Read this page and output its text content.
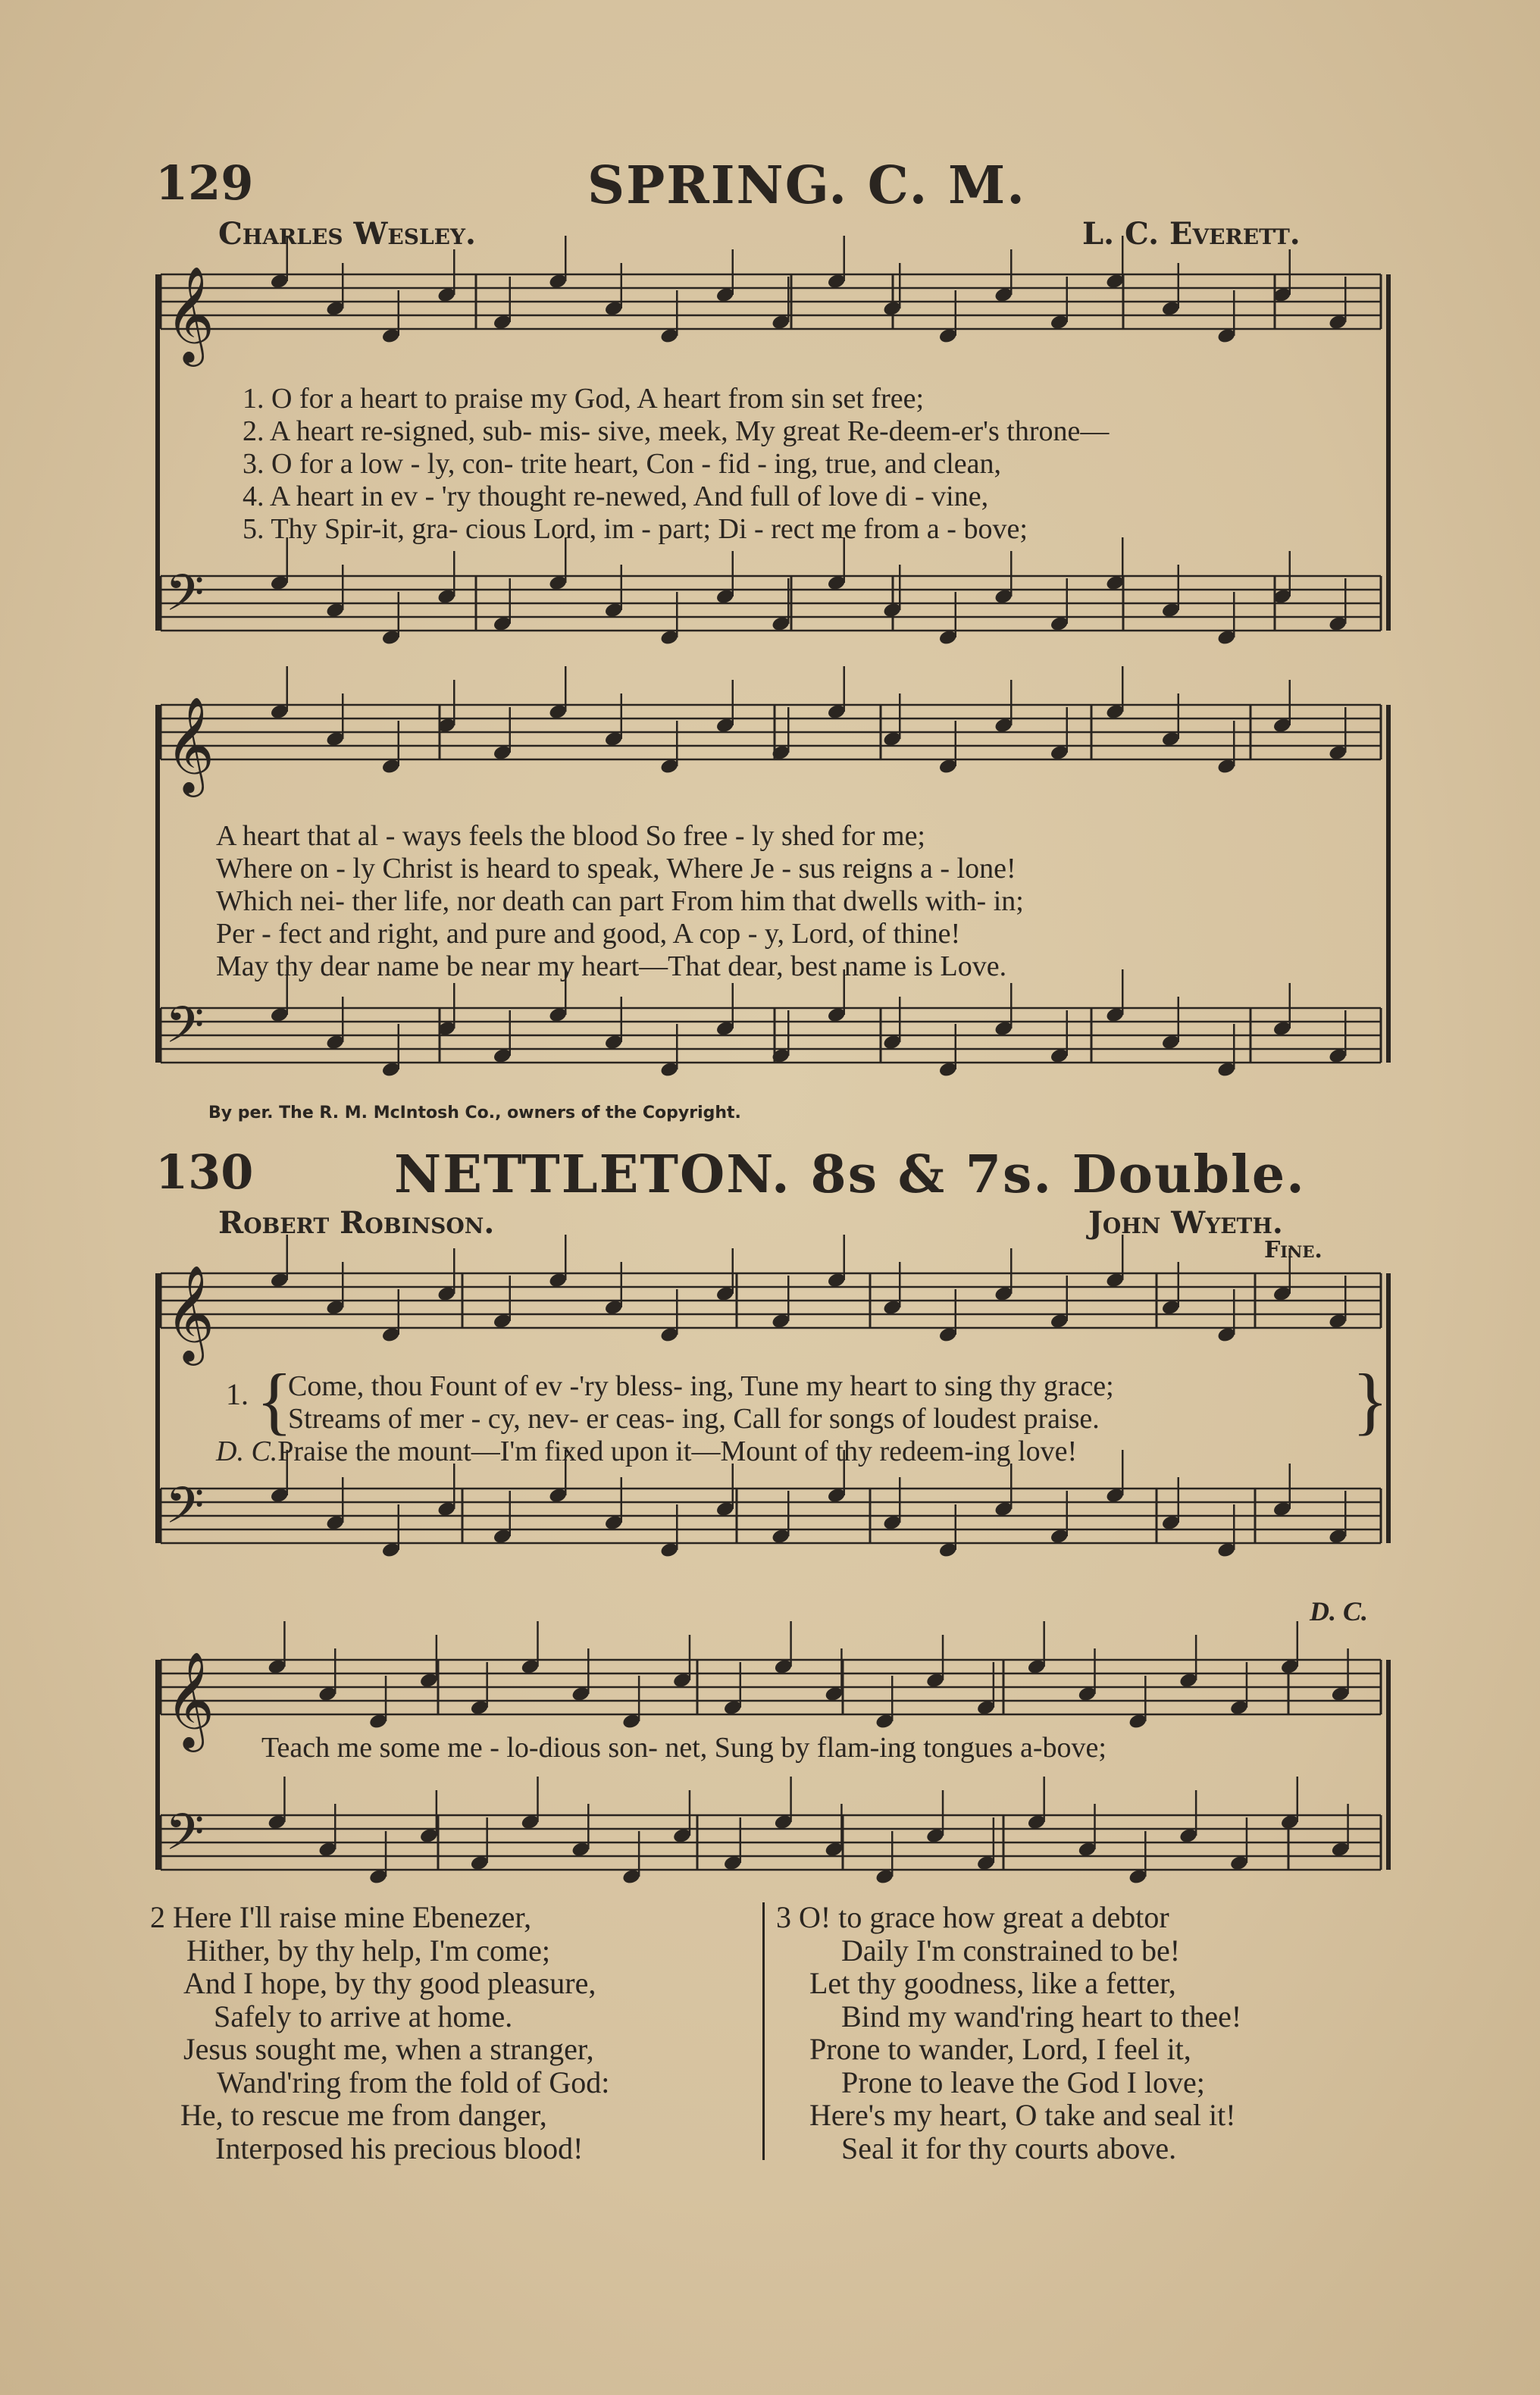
129	SPRING. C. M.
Charles Wesley.	L. C. Everett.
𝄞
𝄢
𝄞
𝄢
𝄞
𝄢
𝄞
𝄢
1. O for a heart to praise my God, A heart from sin set free;
2. A heart re-signed, sub- mis- sive, meek, My great Re-deem-er's throne—
3. O for a low - ly, con- trite heart, Con - fid - ing, true, and clean,
4. A heart in ev - 'ry thought re-newed, And full of love di - vine,
5. Thy Spir-it, gra- cious Lord, im - part; Di - rect me from a - bove;
A heart that al - ways feels the blood So free - ly shed for me;
Where on - ly Christ is heard to speak, Where Je - sus reigns a - lone!
Which nei- ther life, nor death can part From him that dwells with- in;
Per - fect and right, and pure and good, A cop - y, Lord, of thine!
May thy dear name be near my heart—That dear, best name is Love.
By per. The R. M. McIntosh Co., owners of the Copyright.
130	NETTLETON. 8s & 7s. Double.
Robert Robinson.	John Wyeth.
Fine.
D. C.
1. {	}
Come, thou Fount of ev -'ry bless- ing, Tune my heart to sing thy grace;
Streams of mer - cy, nev- er ceas- ing, Call for songs of loudest praise.
D. C.Praise the mount—I'm fixed upon it—Mount of thy redeem-ing love!
Teach me some me - lo-dious son- net, Sung by flam-ing tongues a-bove;
2 Here I'll raise mine Ebenezer,
Hither, by thy help, I'm come;
And I hope, by thy good pleasure,
Safely to arrive at home.
Jesus sought me, when a stranger,
Wand'ring from the fold of God:
He, to rescue me from danger,
Interposed his precious blood!
3 O! to grace how great a debtor
Daily I'm constrained to be!
Let thy goodness, like a fetter,
Bind my wand'ring heart to thee!
Prone to wander, Lord, I feel it,
Prone to leave the God I love;
Here's my heart, O take and seal it!
Seal it for thy courts above.
